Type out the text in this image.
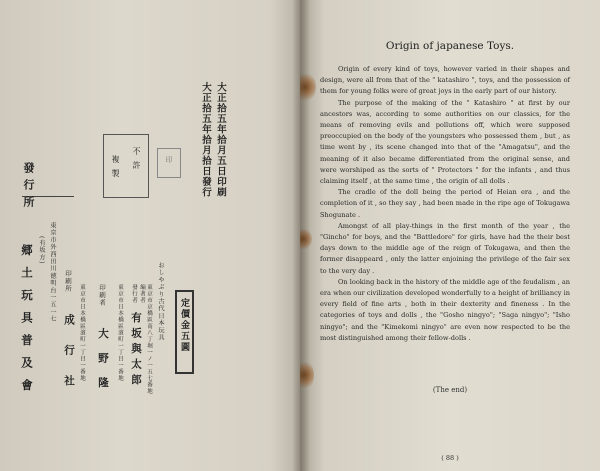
大正拾五年拾月五日印刷
大正拾五年拾月拾日發行
不許
複製	印
おしやぶり古代日本玩具 定價金五圓
東京市京橋區南八丁堀一ノ一五七番地
編著者
發行者
有坂與太郎
東京市日本橋區濱町一丁目一番地
印刷者
大野隆
東京市日本橋區濱町一丁目一番地
印刷所
成行社
發行所
東京市外西田川徳明台一五一七
(有坂方)
郷土玩具普及會
Origin of japanese Toys.

Origin of every kind of toys, however varied in their shapes and design, were all from that of the " katashiro ", toys, and the possession of them for young folks were of great joys in the early part of our history.

The purpose of the making of the " Katashiro " at first by our ancestors was, according to some authorities on our classics, for the means of removing evils and pollutions off, which were supposed preoccupied on the body of the youngsters who possessed them , but , as time went by , its scene changed into that of the "Amagatsu", and the meaning of it also became differentiated from the original sense, and were worshiped as the sorts of " Protectors " for the infants , and thus claiming itself , at the same time , the origin of all dolls .

The cradle of the doll being the period of Heian era , and the completion of it , so they say , had been made in the ripe age of Tokugawa Shogunate .

Amongst of all play-things in the first month of the year , the "Gincho" for boys, and the "Battledore" for girls, have had the their best days down to the middle age of the reign of Tokugawa, and then the former disappeard , only the latter enjoining the privilege of the fair sex to the very day .

On looking back in the history of the middle age of the feudalism , an era when our civilization developed wonderfully to a height of brilliancy in every field of fine arts , both in their dexterity and fineness . In the categories of toys and dolls , the "Gosho ningyo"; "Saga ningyo"; "Isho ningyo"; and the "Kimekomi ningyo" are even now respected to be the most distinguished among their fellow-dolls .

(The end)
( 88 )
